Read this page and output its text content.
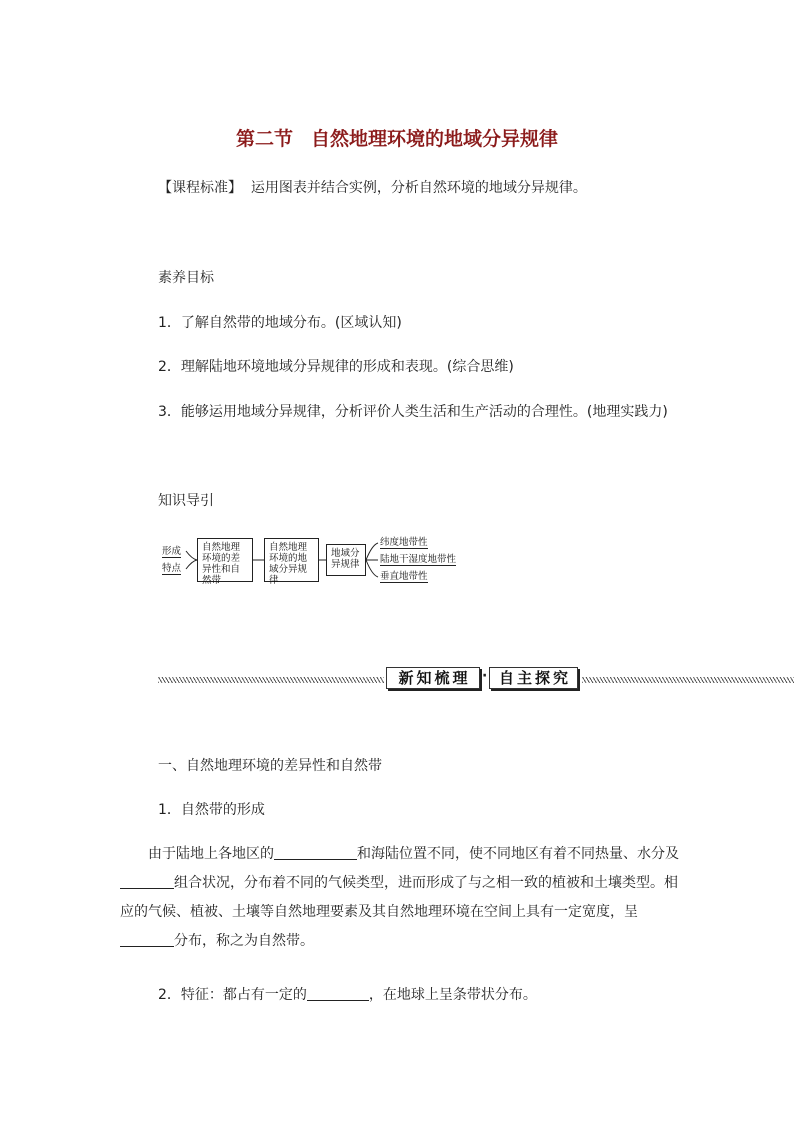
第二节 自然地理环境的地域分异规律
【课程标准】 运用图表并结合实例，分析自然环境的地域分异规律。
素养目标
1．了解自然带的地域分布。(区域认知)
2．理解陆地环境地域分异规律的形成和表现。(综合思维)
3．能够运用地域分异规律，分析评价人类生活和生产活动的合理性。(地理实践力)
知识导引
形成
特点
自然地理环境的差异性和自然带
自然地理环境的地域分异规律
地域分异规律
纬度地带性
陆地干湿度地带性
垂直地带性
新知梳理 · 自主探究
一、自然地理环境的差异性和自然带
1．自然带的形成
由于陆地上各地区的	和海陆位置不同，使不同地区有着不同热量、水分及组合状况，分布着不同的气候类型，进而形成了与之相一致的植被和土壤类型。相应的气候、植被、土壤等自然地理要素及其自然地理环境在空间上具有一定宽度，呈分布，称之为自然带。
2．特征：都占有一定的	，在地球上呈条带状分布。
